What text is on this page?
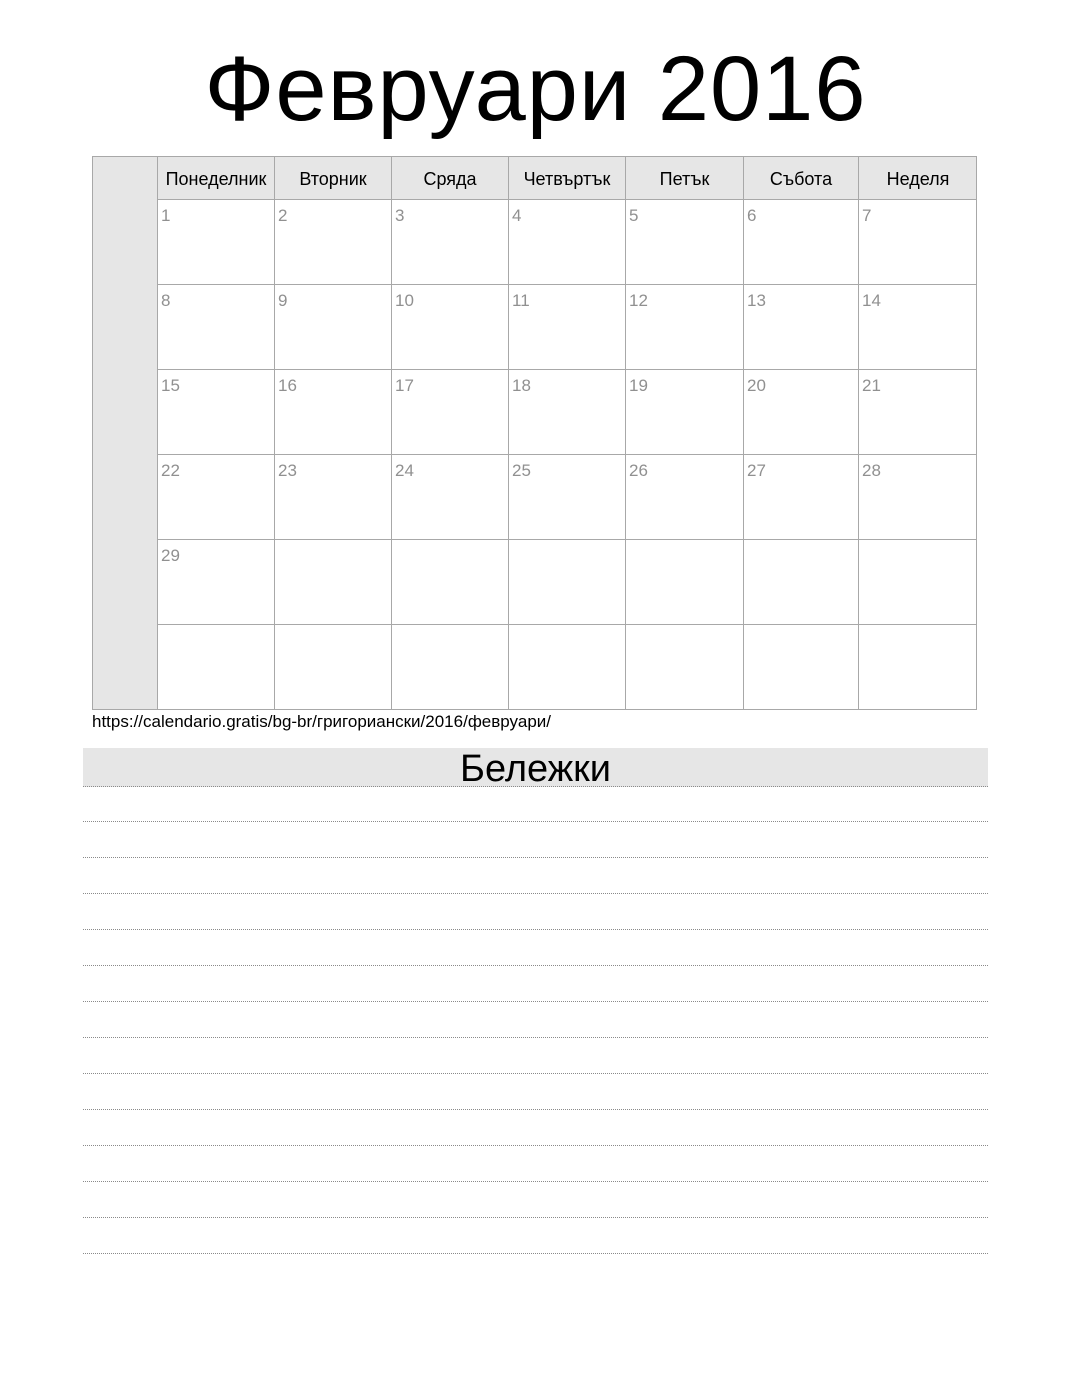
Февруари 2016
Понеделник	Вторник	Сряда	Четвъртък	Петък	Събота	Неделя
1	2	3	4	5	6	7
8	9	10	11	12	13	14
15	16	17	18	19	20	21
22	23	24	25	26	27	28
29
https://calendario.gratis/bg-br/григориански/2016/февруари/
Бележки
